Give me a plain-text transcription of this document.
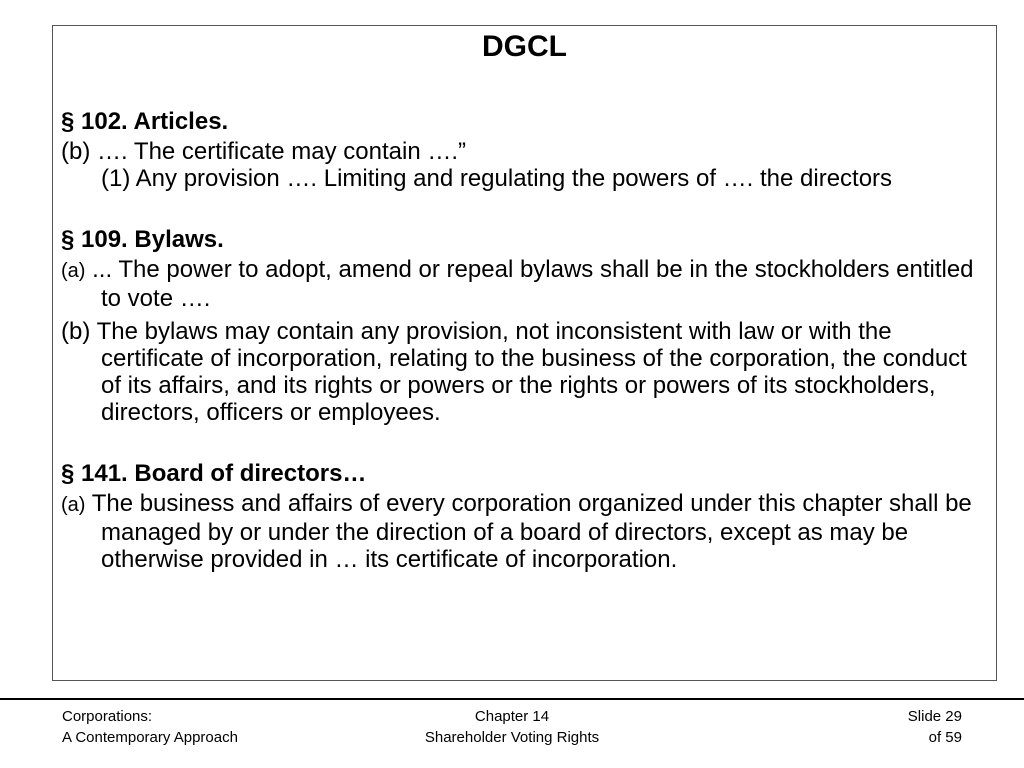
DGCL

§ 102. Articles.

(b) …. The certificate may contain ….”

(1) Any provision …. Limiting and regulating the powers of …. the directors

§ 109. Bylaws.

(a) ... The power to adopt, amend or repeal bylaws shall be in the stockholders entitled to vote ….

(b) The bylaws may contain any provision, not inconsistent with law or with the certificate of incorporation, relating to the business of the corporation, the conduct of its affairs, and its rights or powers or the rights or powers of its stockholders, directors, officers or employees.

§ 141. Board of directors…

(a) The business and affairs of every corporation organized under this chapter shall be managed by or under the direction of a board of directors, except as may be otherwise provided in … its certificate of incorporation.

Corporations:
A Contemporary Approach
Chapter 14
Shareholder Voting Rights
Slide 29
of 59
